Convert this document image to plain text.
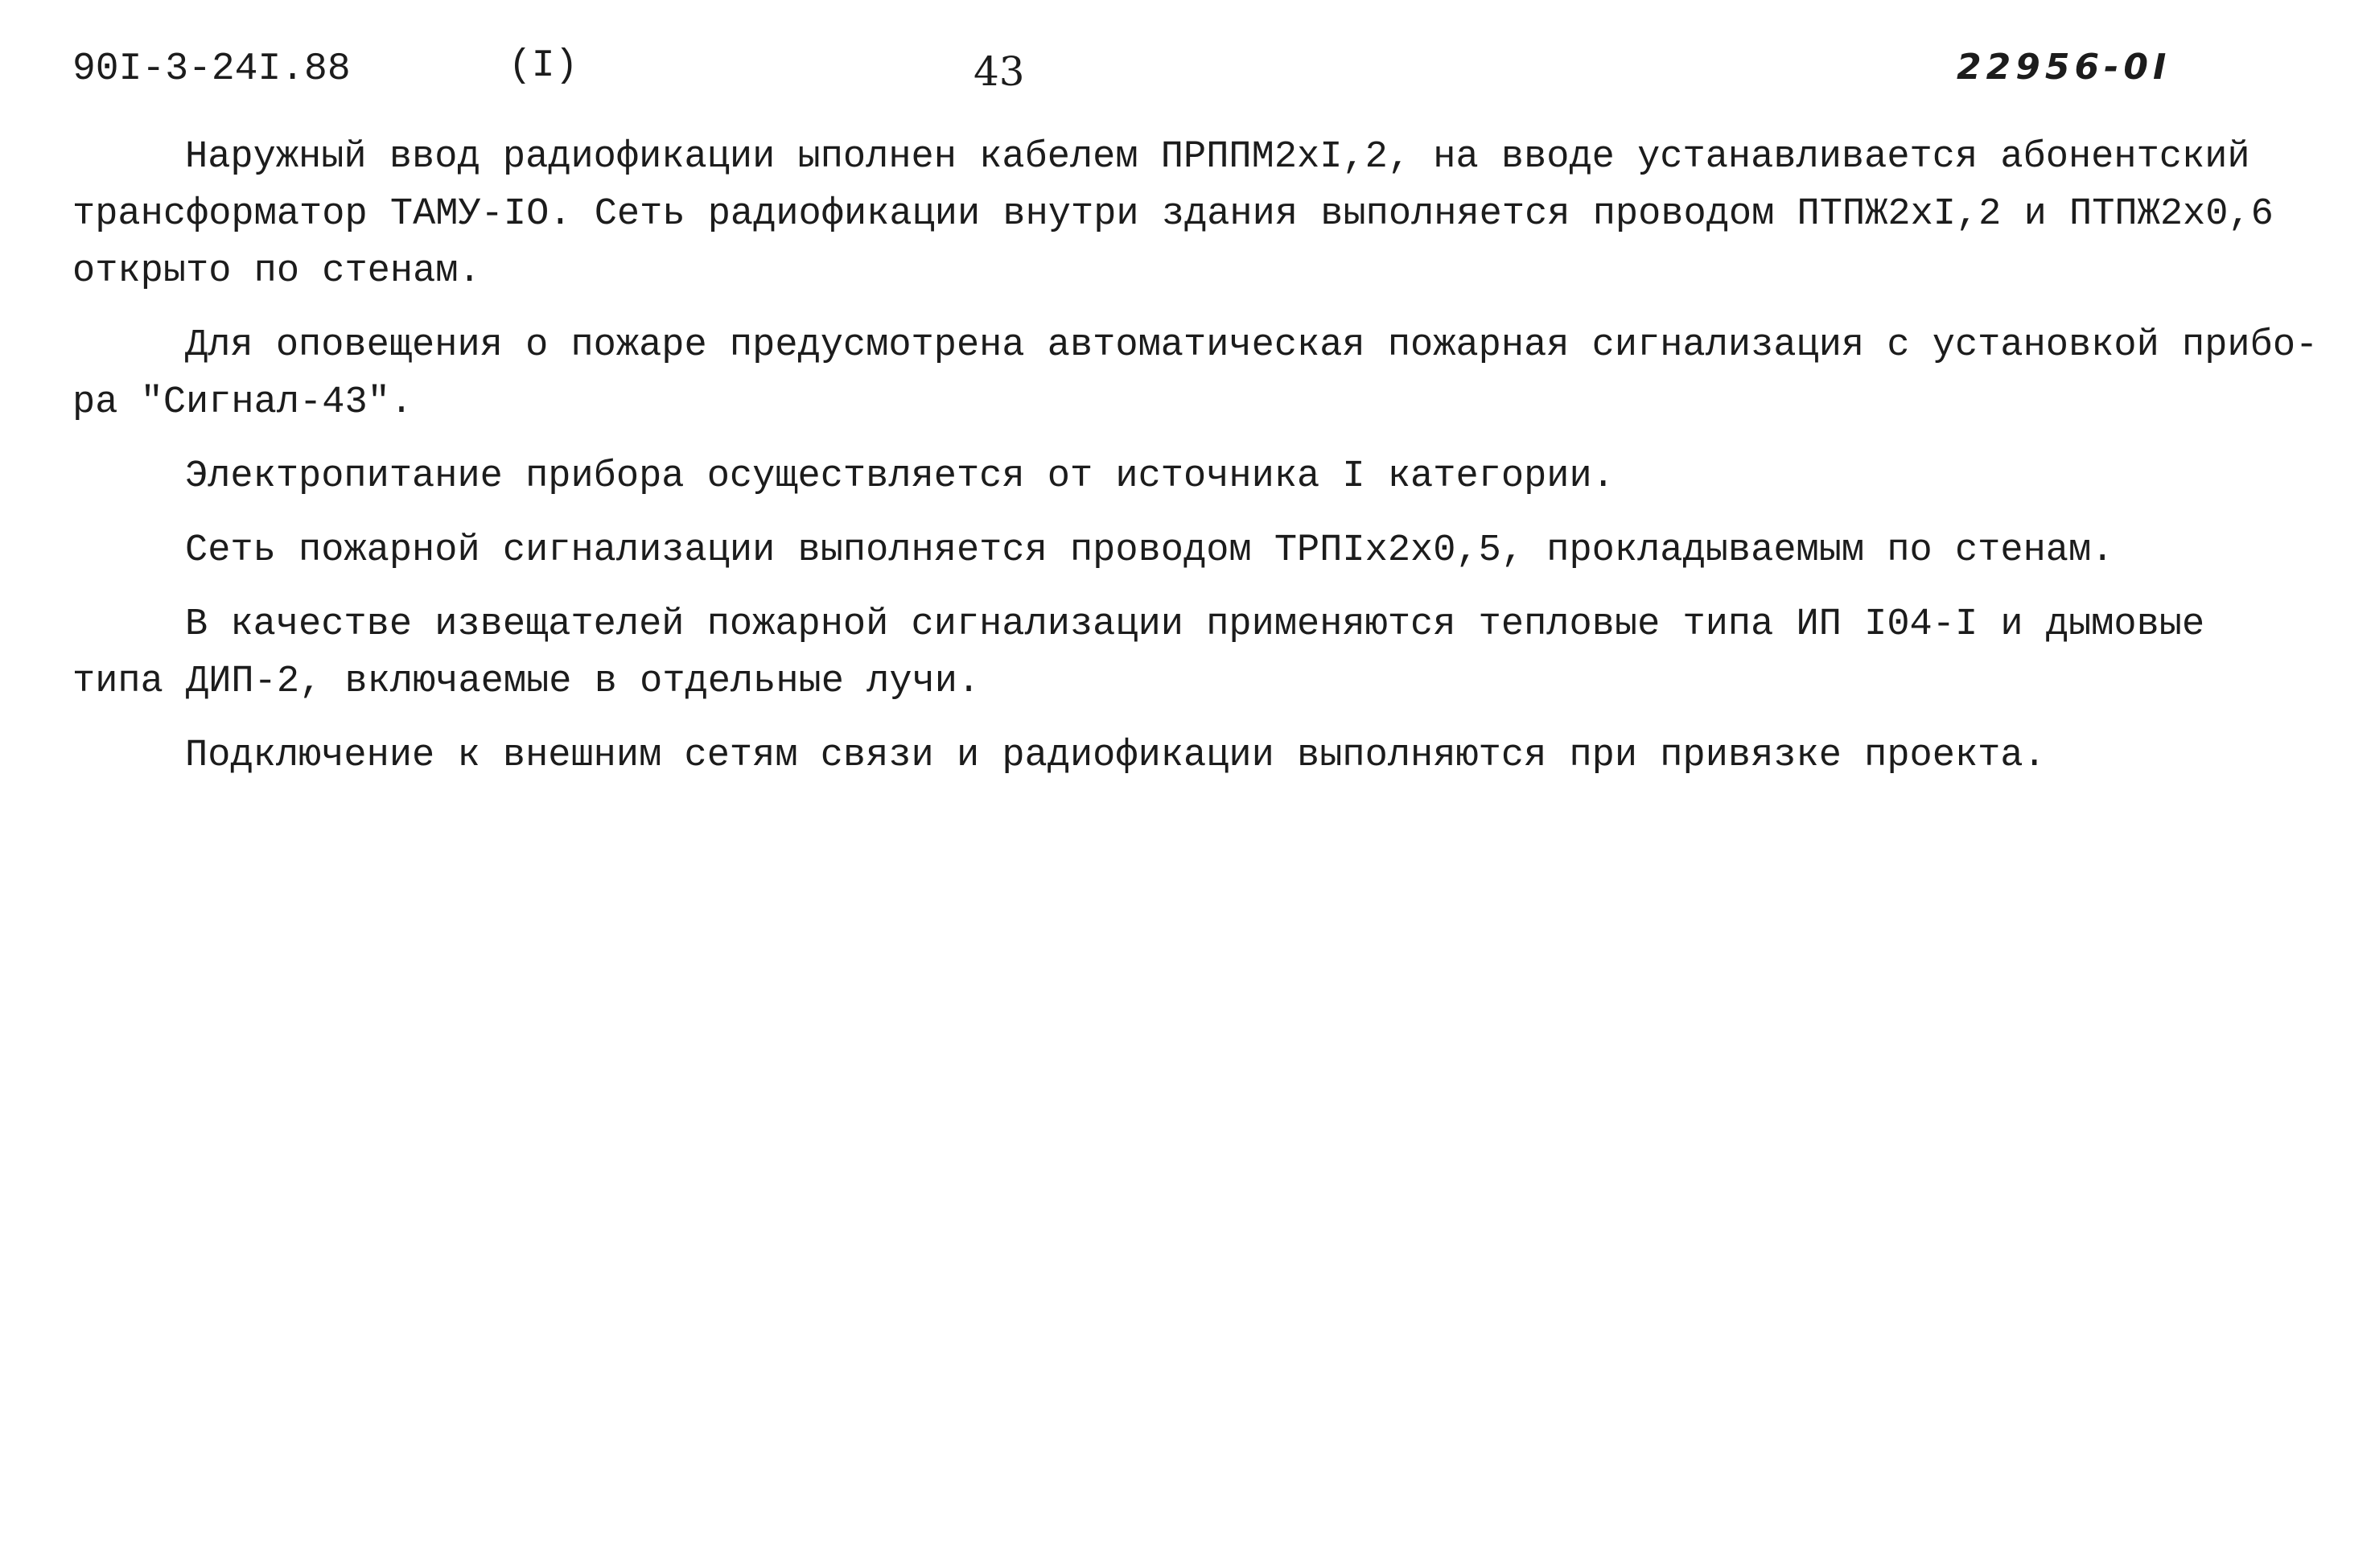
90I-3-24I.88	(I)	43	22956-0I

Наружный ввод радиофикации ыполнен кабелем ПРППМ2хI,2, на вводе устанавливается абонентский
трансформатор ТАМУ-IО. Сеть радиофикации внутри здания выполняется проводом ПТПЖ2хI,2 и ПТПЖ2х0,6
открыто по стенам.

Для оповещения о пожаре предусмотрена автоматическая пожарная сигнализация с установкой прибо-
ра "Сигнал-43".

Электропитание прибора осуществляется от источника I категории.

Сеть пожарной сигнализации выполняется проводом ТРПIх2х0,5, прокладываемым по стенам.

В качестве извещателей пожарной сигнализации применяются тепловые типа ИП I04-I и дымовые
типа ДИП-2, включаемые в отдельные лучи.

Подключение к внешним сетям связи и радиофикации выполняются при привязке проекта.
